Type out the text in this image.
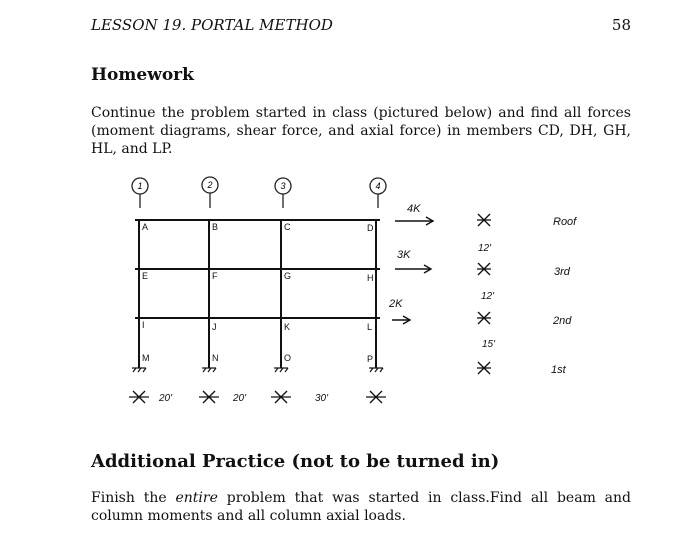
LESSON 19. PORTAL METHOD	58
Homework
Continue the problem started in class (pictured below) and find all forces (moment diagrams, shear force, and axial force) in members CD, DH, GH, HL, and LP.
1	2	3	4
A	B	C	D
E	F	G	H
I	J	K	L
M	N	O	P
4K
3K
2K
12'
12'
15'
Roof
3rd
2nd
1st
20'	20'	30'
Additional Practice (not to be turned in)
Finish the entire problem that was started in class.Find all beam and column moments and all column axial loads.
